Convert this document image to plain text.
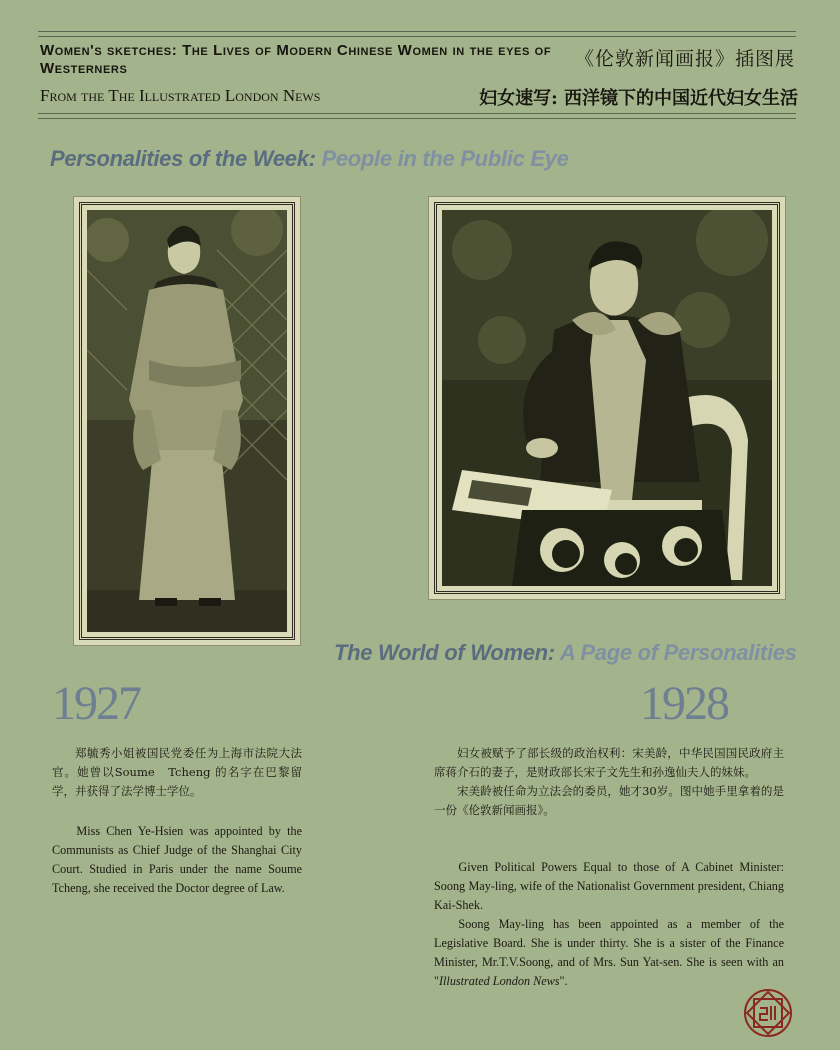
Women's sketches: The Lives of Modern Chinese Women in the eyes of Westerners
From the The Illustrated London News
《伦敦新闻画报》插图展
妇女速写: 西洋镜下的中国近代妇女生活
Personalities of the Week: People in the Public Eye
The World of Women: A Page of Personalities
1927	1928

郑毓秀小姐被国民党委任为上海市法院大法官。她曾以Soume　Tcheng 的名字在巴黎留学，并获得了法学博士学位。

Miss Chen Ye-Hsien was appointed by the Communists as Chief Judge of the Shanghai City Court. Studied in Paris under the name Soume Tcheng, she received the Doctor degree of Law.

妇女被赋予了部长级的政治权利：宋美龄，中华民国国民政府主席蒋介石的妻子，是财政部长宋子文先生和孙逸仙夫人的妹妹。

宋美龄被任命为立法会的委员，她才30岁。图中她手里拿着的是一份《伦敦新闻画报》。

Given Political Powers Equal to those of A Cabinet Minister: Soong May-ling, wife of the Nationalist Government president, Chiang Kai-Shek.

Soong May-ling has been appointed as a member of the Legislative Board. She is under thirty. She is a sister of the Finance Minister, Mr.T.V.Soong, and of Mrs. Sun Yat-sen. She is seen with an "Illustrated London News".
